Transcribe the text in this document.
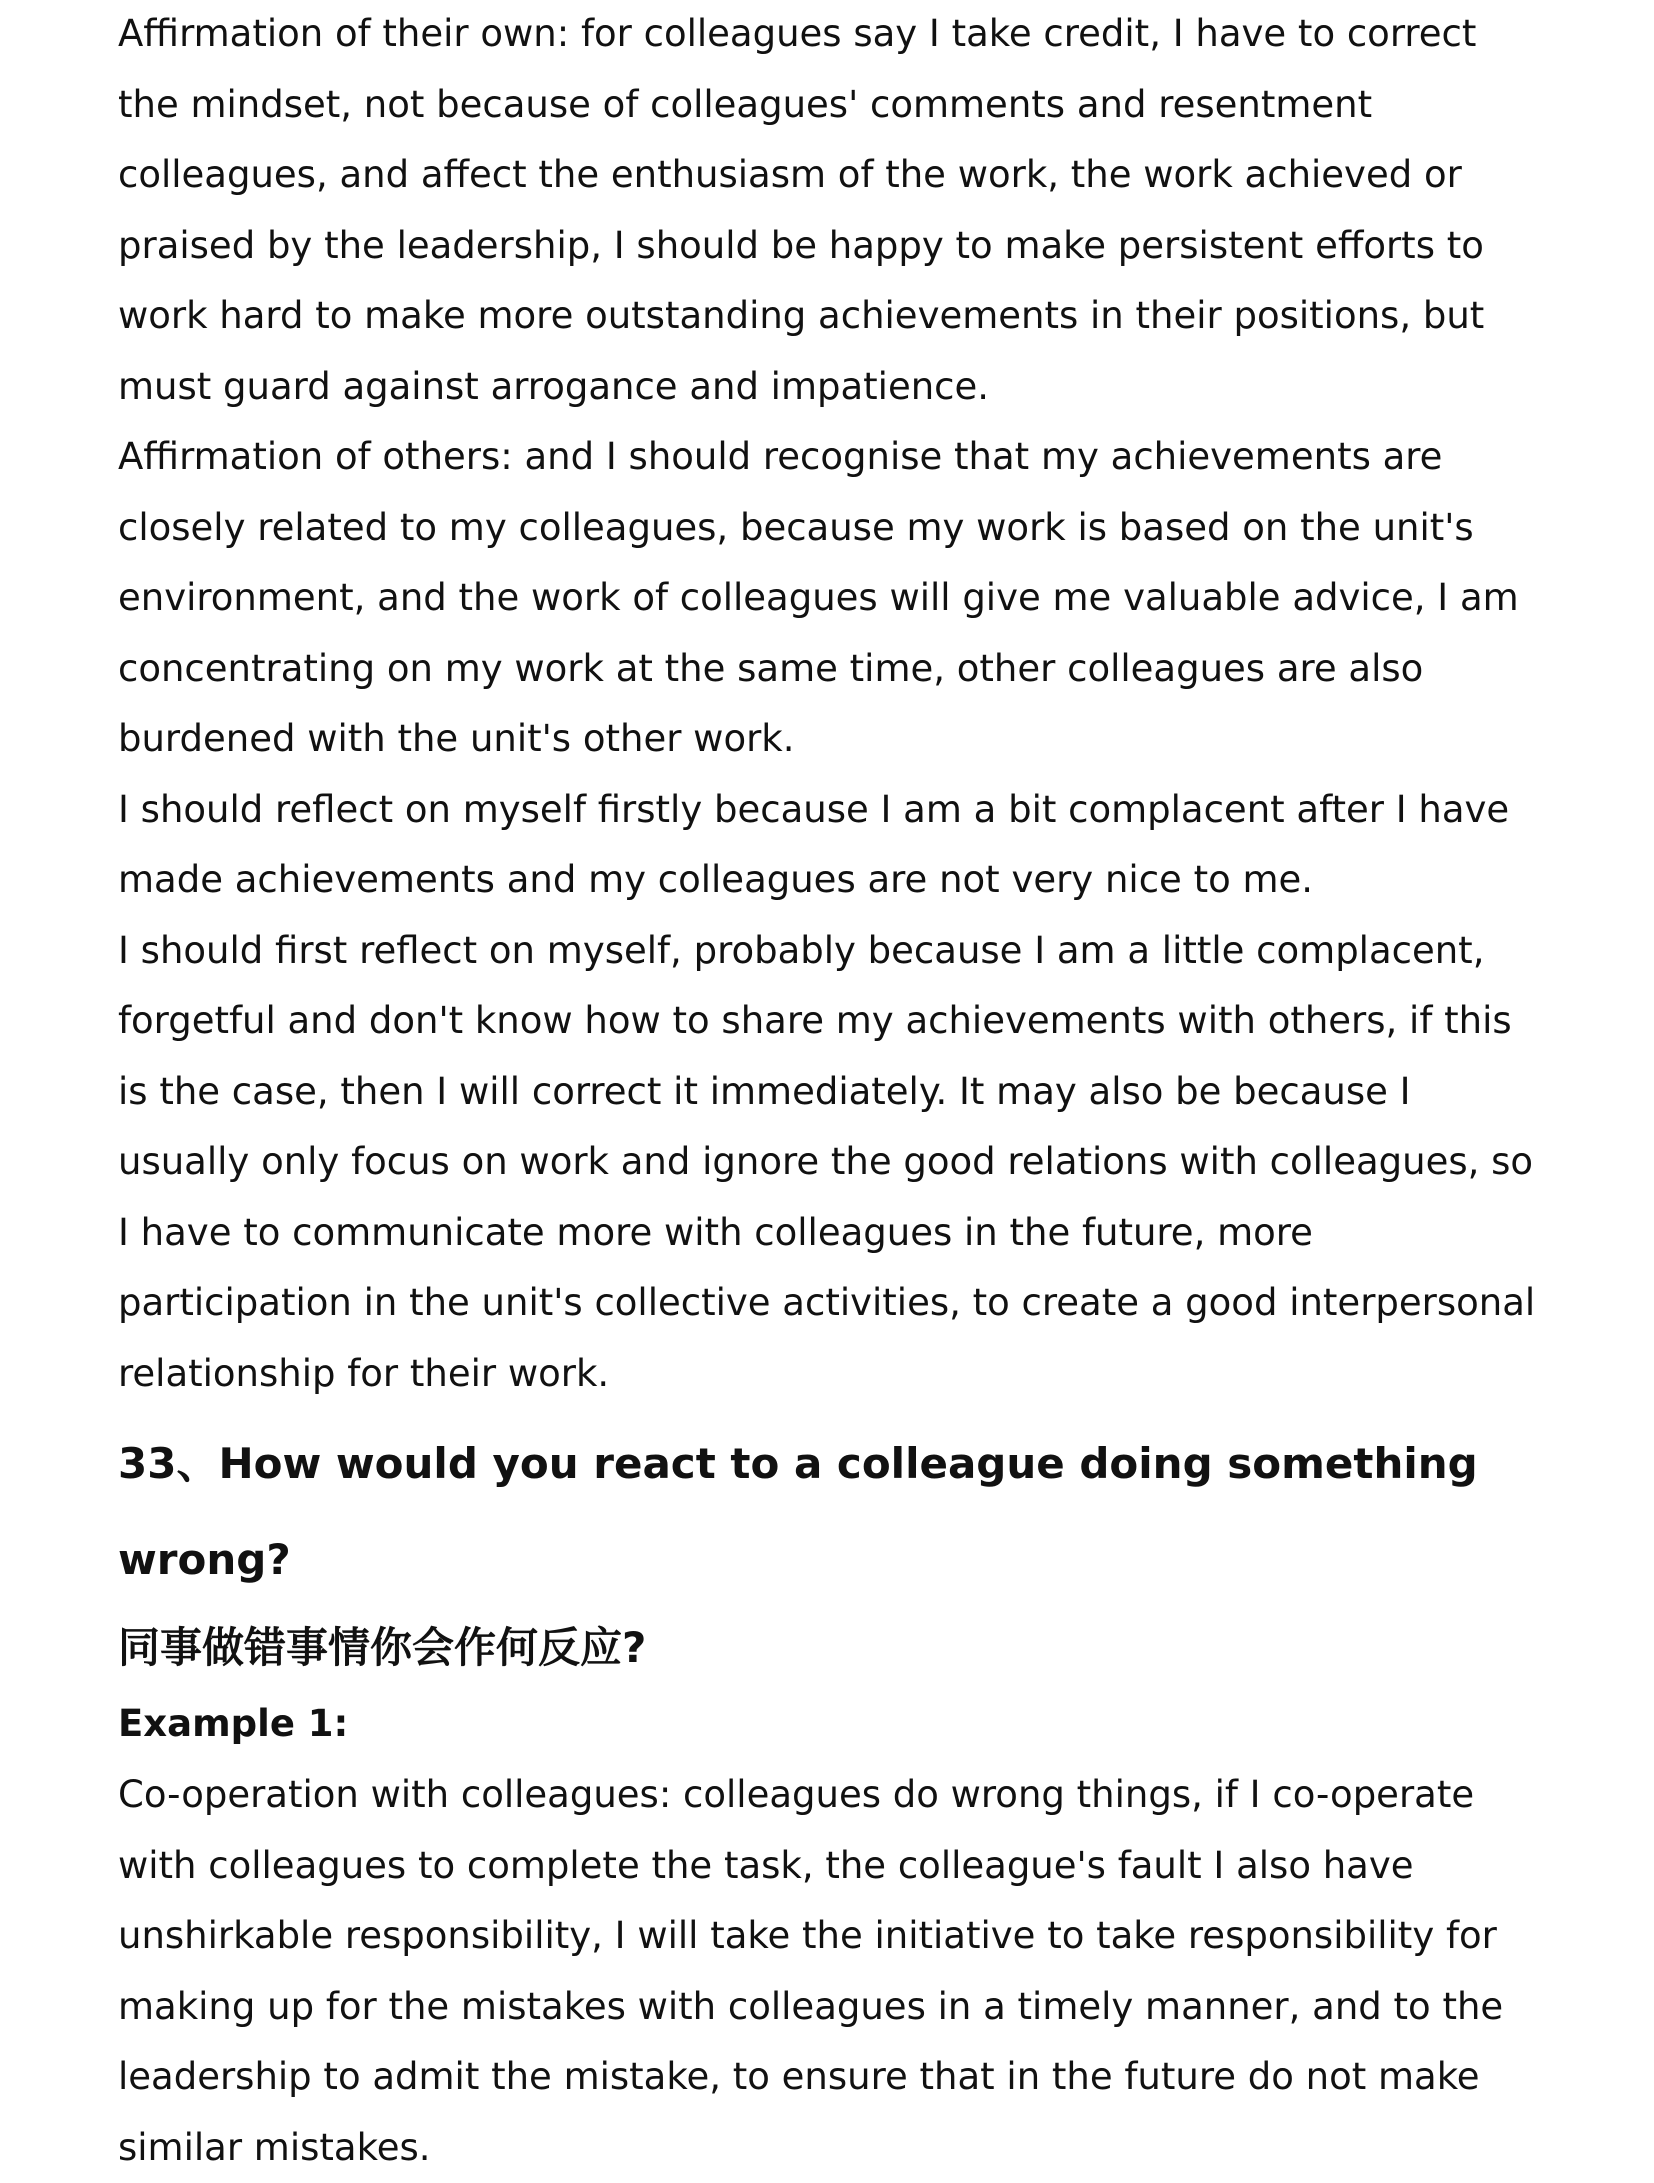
Affirmation of their own: for colleagues say I take credit, I have to correct the mindset, not because of colleagues' comments and resentment colleagues, and affect the enthusiasm of the work, the work achieved or praised by the leadership, I should be happy to make persistent efforts to work hard to make more outstanding achievements in their positions, but must guard against arrogance and impatience.

Affirmation of others: and I should recognise that my achievements are closely related to my colleagues, because my work is based on the unit's environment, and the work of colleagues will give me valuable advice, I am concentrating on my work at the same time, other colleagues are also burdened with the unit's other work.

I should reflect on myself firstly because I am a bit complacent after I have made achievements and my colleagues are not very nice to me.

I should first reflect on myself, probably because I am a little complacent, forgetful and don't know how to share my achievements with others, if this is the case, then I will correct it immediately. It may also be because I usually only focus on work and ignore the good relations with colleagues, so I have to communicate more with colleagues in the future, more participation in the unit's collective activities, to create a good interpersonal relationship for their work.

33、How would you react to a colleague doing something wrong?
同事做错事情你会作何反应?

Example 1:

Co-operation with colleagues: colleagues do wrong things, if I co-operate with colleagues to complete the task, the colleague's fault I also have unshirkable responsibility, I will take the initiative to take responsibility for making up for the mistakes with colleagues in a timely manner, and to the leadership to admit the mistake, to ensure that in the future do not make similar mistakes.
